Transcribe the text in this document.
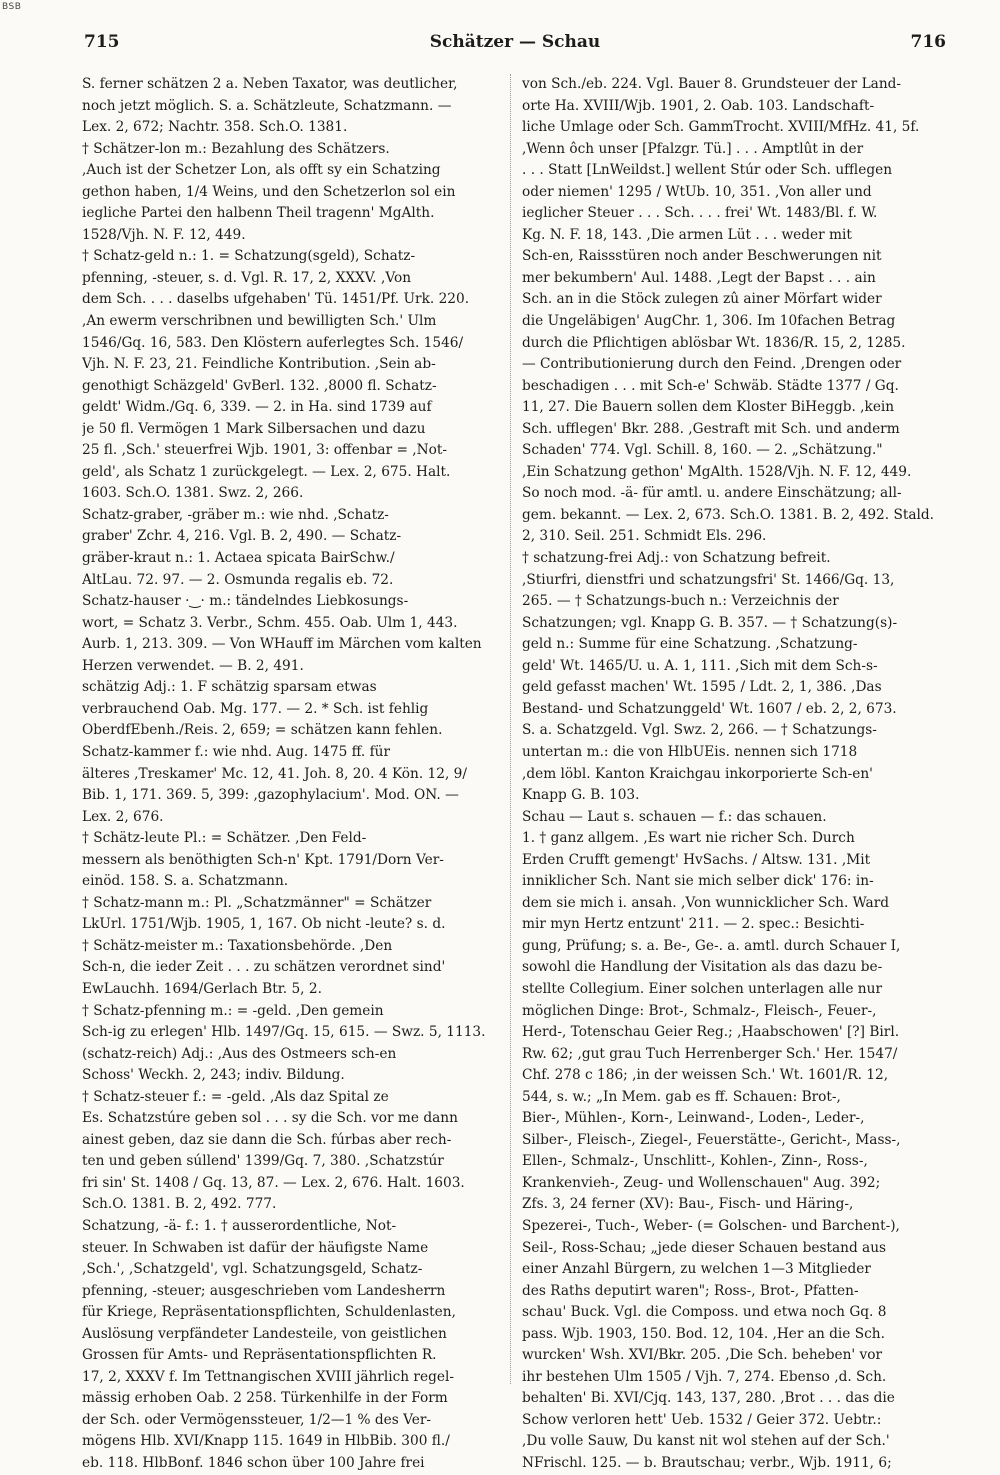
BSB
715	Schätzer — Schau	716
S. ferner schätzen 2 a. Neben Taxator, was deutlicher,
noch jetzt möglich. S. a. Schätzleute, Schatzmann. —
Lex. 2, 672; Nachtr. 358. Sch.O. 1381.
† Schätzer-lon m.: Bezahlung des Schätzers.
,Auch ist der Schetzer Lon, als offt sy ein Schatzing
gethon haben, 1/4 Weins, und den Schetzerlon sol ein
iegliche Partei den halbenn Theil tragenn' MgAlth.
1528/Vjh. N. F. 12, 449.
† Schatz-geld n.: 1. = Schatzung(sgeld), Schatz-
pfenning, -steuer, s. d. Vgl. R. 17, 2, XXXV. ,Von
dem Sch. . . . daselbs ufgehaben' Tü. 1451/Pf. Urk. 220.
,An ewerm verschribnen und bewilligten Sch.' Ulm
1546/Gq. 16, 583. Den Klöstern auferlegtes Sch. 1546/
Vjh. N. F. 23, 21. Feindliche Kontribution. ,Sein ab-
genothigt Schäzgeld' GvBerl. 132. ,8000 fl. Schatz-
geldt' Widm./Gq. 6, 339. — 2. in Ha. sind 1739 auf
je 50 fl. Vermögen 1 Mark Silbersachen und dazu
25 fl. ,Sch.' steuerfrei Wjb. 1901, 3: offenbar = ,Not-
geld', als Schatz 1 zurückgelegt. — Lex. 2, 675. Halt.
1603. Sch.O. 1381. Swz. 2, 266.
Schatz-graber, -gräber m.: wie nhd. ,Schatz-
graber' Zchr. 4, 216. Vgl. B. 2, 490. — Schatz-
gräber-kraut n.: 1. Actaea spicata BairSchw./
AltLau. 72. 97. — 2. Osmunda regalis eb. 72.
Schatz-hauser ·‿· m.: tändelndes Liebkosungs-
wort, = Schatz 3. Verbr., Schm. 455. Oab. Ulm 1, 443.
Aurb. 1, 213. 309. — Von WHauff im Märchen vom kalten
Herzen verwendet. — B. 2, 491.
schätzig Adj.: 1. F schätzig sparsam etwas
verbrauchend Oab. Mg. 177. — 2. * Sch. ist fehlig
OberdfEbenh./Reis. 2, 659; = schätzen kann fehlen.
Schatz-kammer f.: wie nhd. Aug. 1475 ff. für
älteres ,Treskamer' Mc. 12, 41. Joh. 8, 20. 4 Kön. 12, 9/
Bib. 1, 171. 369. 5, 399: ,gazophylacium'. Mod. ON. —
Lex. 2, 676.
† Schätz-leute Pl.: = Schätzer. ,Den Feld-
messern als benöthigten Sch-n' Kpt. 1791/Dorn Ver-
einöd. 158. S. a. Schatzmann.
† Schatz-mann m.: Pl. „Schatzmänner" = Schätzer
LkUrl. 1751/Wjb. 1905, 1, 167. Ob nicht -leute? s. d.
† Schätz-meister m.: Taxationsbehörde. ,Den
Sch-n, die ieder Zeit . . . zu schätzen verordnet sind'
EwLauchh. 1694/Gerlach Btr. 5, 2.
† Schatz-pfenning m.: = -geld. ,Den gemein
Sch-ig zu erlegen' Hlb. 1497/Gq. 15, 615. — Swz. 5, 1113.
(schatz-reich) Adj.: ,Aus des Ostmeers sch-en
Schoss' Weckh. 2, 243; indiv. Bildung.
† Schatz-steuer f.: = -geld. ,Als daz Spital ze
Es. Schatzstúre geben sol . . . sy die Sch. vor me dann
ainest geben, daz sie dann die Sch. fúrbas aber rech-
ten und geben súllend' 1399/Gq. 7, 380. ,Schatzstúr
fri sin' St. 1408 / Gq. 13, 87. — Lex. 2, 676. Halt. 1603.
Sch.O. 1381. B. 2, 492. 777.
Schatzung, -ä- f.: 1. † ausserordentliche, Not-
steuer. In Schwaben ist dafür der häufigste Name
,Sch.', ,Schatzgeld', vgl. Schatzungsgeld, Schatz-
pfenning, -steuer; ausgeschrieben vom Landesherrn
für Kriege, Repräsentationspflichten, Schuldenlasten,
Auslösung verpfändeter Landesteile, von geistlichen
Grossen für Amts- und Repräsentationspflichten R.
17, 2, XXXV f. Im Tettnangischen XVIII jährlich regel-
mässig erhoben Oab. 2 258. Türkenhilfe in der Form
der Sch. oder Vermögenssteuer, 1/2—1 % des Ver-
mögens Hlb. XVI/Knapp 115. 1649 in HlbBib. 300 fl./
eb. 118. HlbBonf. 1846 schon über 100 Jahre frei
von Sch./eb. 224. Vgl. Bauer 8. Grundsteuer der Land-
orte Ha. XVIII/Wjb. 1901, 2. Oab. 103. Landschaft-
liche Umlage oder Sch. GammTrocht. XVIII/MfHz. 41, 5f.
,Wenn ôch unser [Pfalzgr. Tü.] . . . Amptlût in der
. . . Statt [LnWeildst.] wellent Stúr oder Sch. ufflegen
oder niemen' 1295 / WtUb. 10, 351. ,Von aller und
ieglicher Steuer . . . Sch. . . . frei' Wt. 1483/Bl. f. W.
Kg. N. F. 18, 143. ,Die armen Lüt . . . weder mit
Sch-en, Raissstüren noch ander Beschwerungen nit
mer bekumbern' Aul. 1488. ,Legt der Bapst . . . ain
Sch. an in die Stöck zulegen zû ainer Mörfart wider
die Ungeläbigen' AugChr. 1, 306. Im 10fachen Betrag
durch die Pflichtigen ablösbar Wt. 1836/R. 15, 2, 1285.
— Contributionierung durch den Feind. ,Drengen oder
beschadigen . . . mit Sch-e' Schwäb. Städte 1377 / Gq.
11, 27. Die Bauern sollen dem Kloster BiHeggb. ,kein
Sch. ufflegen' Bkr. 288. ,Gestraft mit Sch. und anderm
Schaden' 774. Vgl. Schill. 8, 160. — 2. „Schätzung."
,Ein Schatzung gethon' MgAlth. 1528/Vjh. N. F. 12, 449.
So noch mod. -ä- für amtl. u. andere Einschätzung; all-
gem. bekannt. — Lex. 2, 673. Sch.O. 1381. B. 2, 492. Stald.
2, 310. Seil. 251. Schmidt Els. 296.
† schatzung-frei Adj.: von Schatzung befreit.
,Stiurfri, dienstfri und schatzungsfri' St. 1466/Gq. 13,
265. — † Schatzungs-buch n.: Verzeichnis der
Schatzungen; vgl. Knapp G. B. 357. — † Schatzung(s)-
geld n.: Summe für eine Schatzung. ,Schatzung-
geld' Wt. 1465/U. u. A. 1, 111. ,Sich mit dem Sch-s-
geld gefasst machen' Wt. 1595 / Ldt. 2, 1, 386. ,Das
Bestand- und Schatzunggeld' Wt. 1607 / eb. 2, 2, 673.
S. a. Schatzgeld. Vgl. Swz. 2, 266. — † Schatzungs-
untertan m.: die von HlbUEis. nennen sich 1718
,dem löbl. Kanton Kraichgau inkorporierte Sch-en'
Knapp G. B. 103.
Schau — Laut s. schauen — f.: das schauen.
1. † ganz allgem. ,Es wart nie richer Sch. Durch
Erden Crufft gemengt' HvSachs. / Altsw. 131. ,Mit
inniklicher Sch. Nant sie mich selber dick' 176: in-
dem sie mich i. ansah. ,Von wunnicklicher Sch. Ward
mir myn Hertz entzunt' 211. — 2. spec.: Besichti-
gung, Prüfung; s. a. Be-, Ge-. a. amtl. durch Schauer I,
sowohl die Handlung der Visitation als das dazu be-
stellte Collegium. Einer solchen unterlagen alle nur
möglichen Dinge: Brot-, Schmalz-, Fleisch-, Feuer-,
Herd-, Totenschau Geier Reg.; ,Haabschowen' [?] Birl.
Rw. 62; ,gut grau Tuch Herrenberger Sch.' Her. 1547/
Chf. 278 c 186; ,in der weissen Sch.' Wt. 1601/R. 12,
544, s. w.; „In Mem. gab es ff. Schauen: Brot-,
Bier-, Mühlen-, Korn-, Leinwand-, Loden-, Leder-,
Silber-, Fleisch-, Ziegel-, Feuerstätte-, Gericht-, Mass-,
Ellen-, Schmalz-, Unschlitt-, Kohlen-, Zinn-, Ross-,
Krankenvieh-, Zeug- und Wollenschauen" Aug. 392;
Zfs. 3, 24 ferner (XV): Bau-, Fisch- und Häring-,
Spezerei-, Tuch-, Weber- (= Golschen- und Barchent-),
Seil-, Ross-Schau; „jede dieser Schauen bestand aus
einer Anzahl Bürgern, zu welchen 1—3 Mitglieder
des Raths deputirt waren"; Ross-, Brot-, Pfatten-
schau' Buck. Vgl. die Composs. und etwa noch Gq. 8
pass. Wjb. 1903, 150. Bod. 12, 104. ,Her an die Sch.
wurcken' Wsh. XVI/Bkr. 205. ,Die Sch. beheben' vor
ihr bestehen Ulm 1505 / Vjh. 7, 274. Ebenso ,d. Sch.
behalten' Bi. XVI/Cjq. 143, 137, 280. ,Brot . . . das die
Schow verloren hett' Ueb. 1532 / Geier 372. Uebtr.:
,Du volle Sauw, Du kanst nit wol stehen auf der Sch.'
NFrischl. 125. — b. Brautschau; verbr., Wjb. 1911, 6;
